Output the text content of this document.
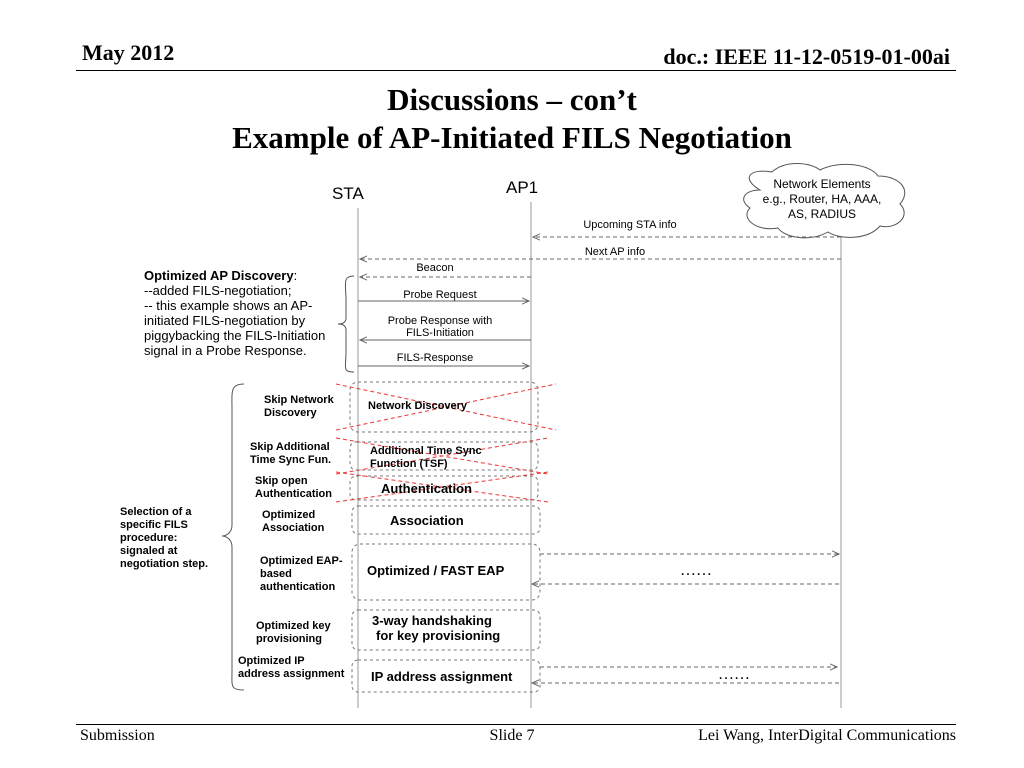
May 2012	doc.: IEEE 11-12-0519-01-00ai
Discussions – con’t
Example of AP-Initiated FILS Negotiation
STA	AP1	Network Elements
e.g., Router, HA, AAA,
AS, RADIUS
Upcoming STA info
Next AP info
Beacon
Probe Request
Probe Response with
FILS-Initiation
FILS-Response
Optimized AP Discovery:
--added FILS-negotiation;
-- this example shows an AP-
initiated FILS-negotiation by
piggybacking the FILS-Initiation
signal in a Probe Response.
Selection of a
specific FILS
procedure:
signaled at
negotiation step.
Skip Network
Discovery
Skip Additional
Time Sync Fun.
Skip open
Authentication
Optimized
Association
Optimized EAP-
based
authentication
Optimized key
provisioning
Optimized IP
address assignment
Network Discovery
Additional Time Sync
Function (TSF)
Authentication
Association
Optimized / FAST EAP	……
3-way handshaking
for key provisioning
IP address assignment	……
Submission	Slide 7	Lei Wang, InterDigital Communications
